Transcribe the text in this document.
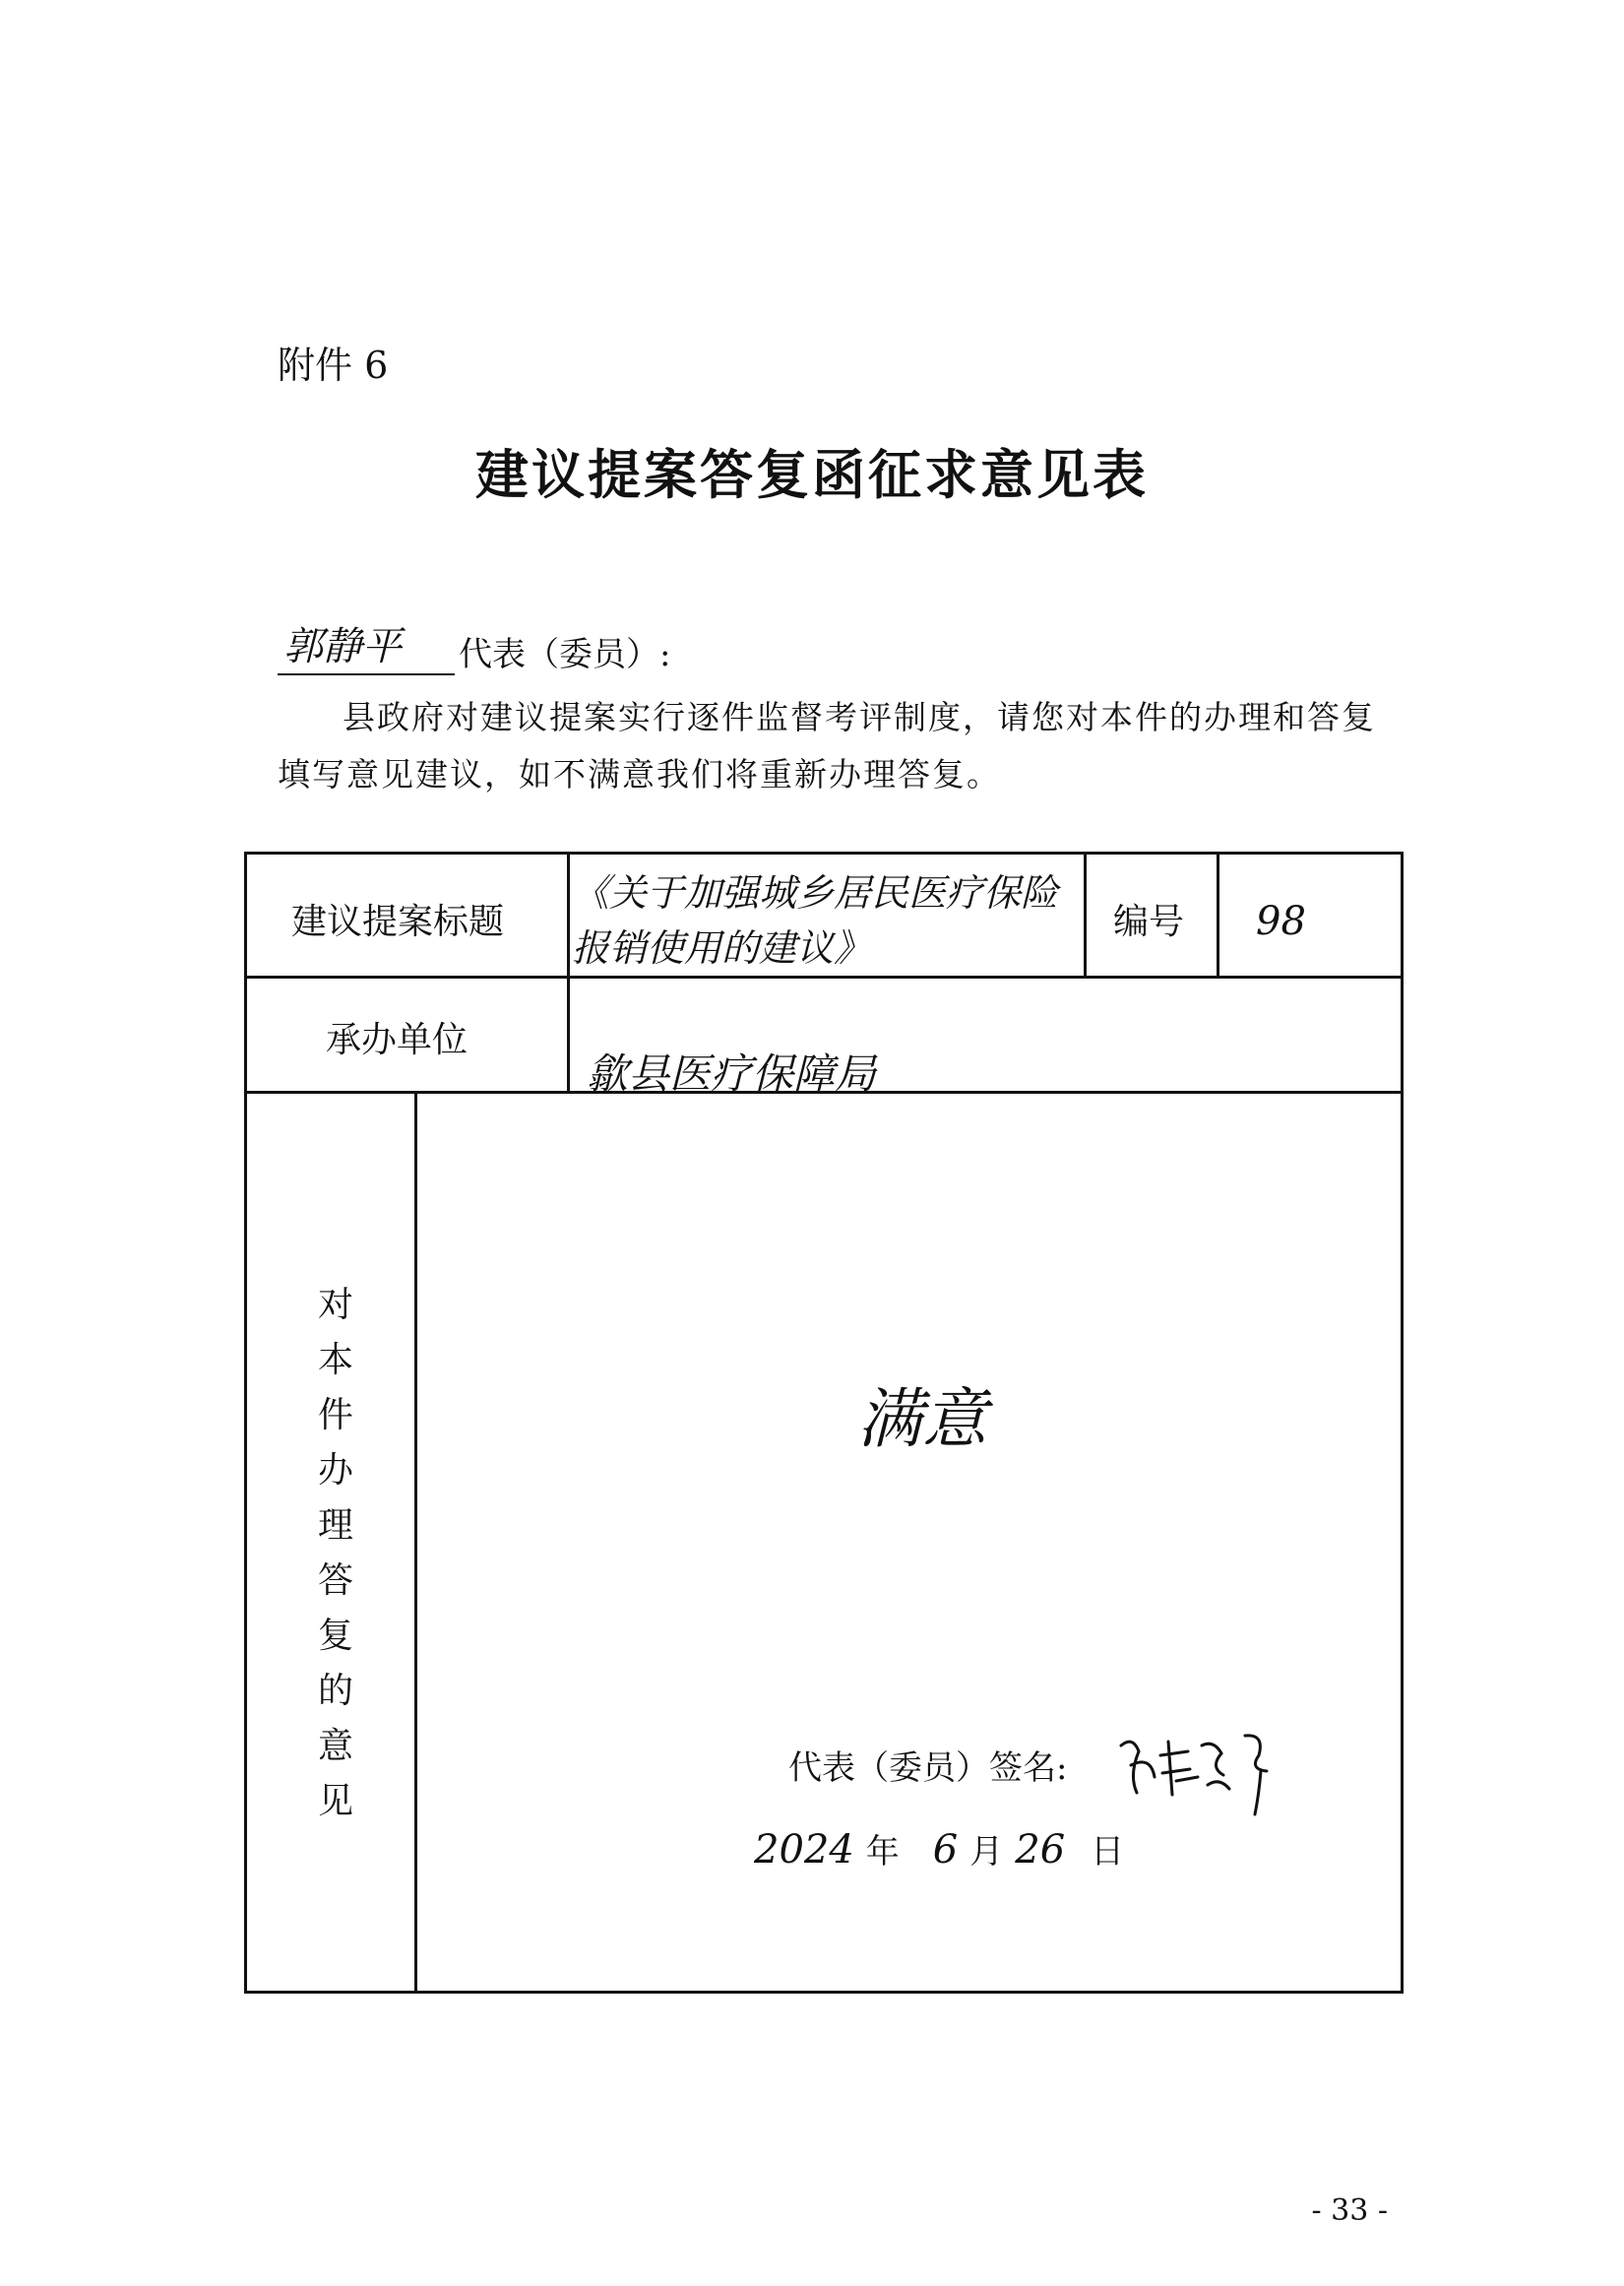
附件 6
建议提案答复函征求意见表
郭静平	代表（委员）:
县政府对建议提案实行逐件监督考评制度，请您对本件的办理和答复填写意见建议，如不满意我们将重新办理答复。
建议提案标题
《关于加强城乡居民医疗保险
报销使用的建议》
编号 98
承办单位
歙县医疗保障局
对
本
件
办
理
答
复
的
意
见
满意
代表（委员）签名:
2024 年 6 月 26 日
- 33 -
